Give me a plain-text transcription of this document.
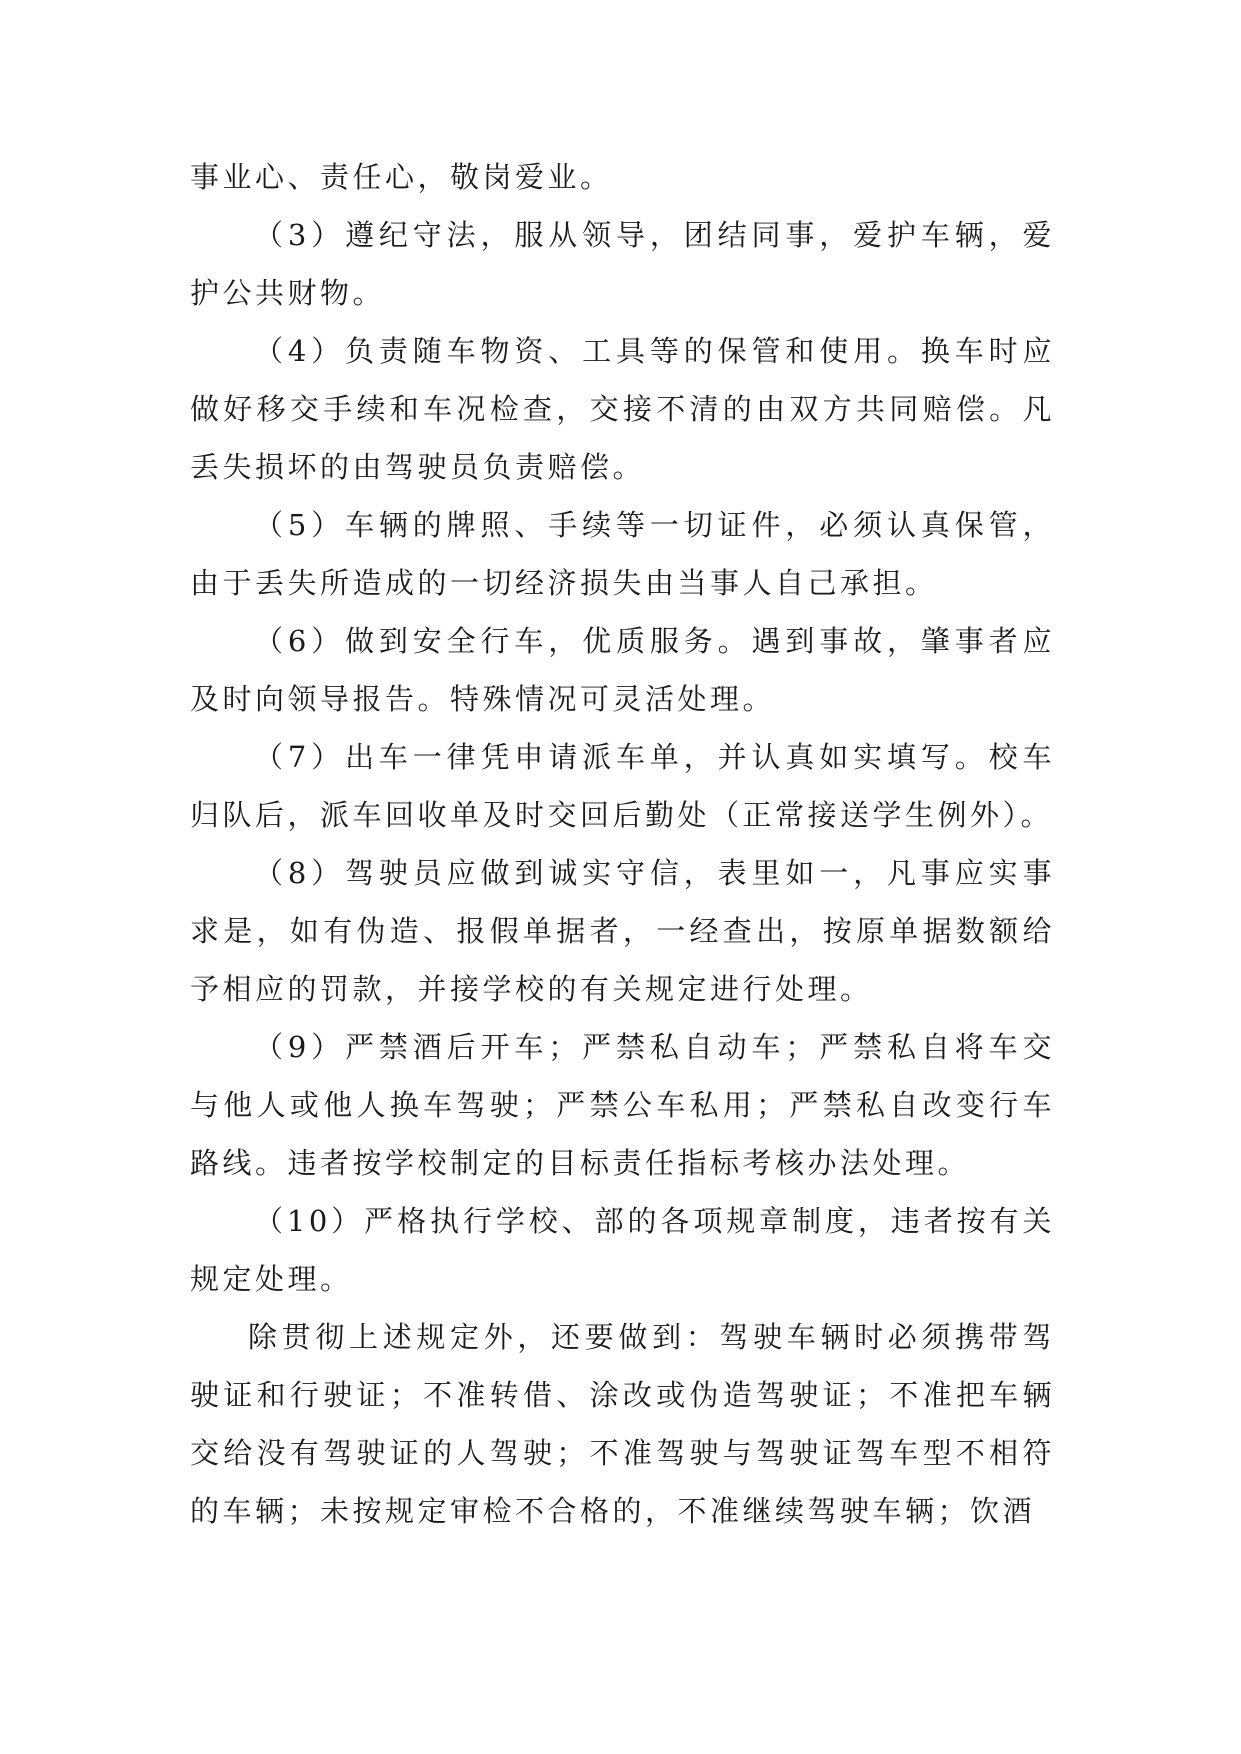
事业心、责任心，敬岗爱业。

（3）遵纪守法，服从领导，团结同事，爱护车辆，爱护公共财物。

（4）负责随车物资、工具等的保管和使用。换车时应做好移交手续和车况检查，交接不清的由双方共同赔偿。凡丢失损坏的由驾驶员负责赔偿。

（5）车辆的牌照、手续等一切证件，必须认真保管，由于丢失所造成的一切经济损失由当事人自己承担。

（6）做到安全行车，优质服务。遇到事故，肇事者应及时向领导报告。特殊情况可灵活处理。

（7）出车一律凭申请派车单，并认真如实填写。校车归队后，派车回收单及时交回后勤处（正常接送学生例外）。

（8）驾驶员应做到诚实守信，表里如一，凡事应实事求是，如有伪造、报假单据者，一经查出，按原单据数额给予相应的罚款，并接学校的有关规定进行处理。

（9）严禁酒后开车；严禁私自动车；严禁私自将车交与他人或他人换车驾驶；严禁公车私用；严禁私自改变行车路线。违者按学校制定的目标责任指标考核办法处理。

（10）严格执行学校、部的各项规章制度，违者按有关规定处理。

除贯彻上述规定外，还要做到：驾驶车辆时必须携带驾驶证和行驶证；不准转借、涂改或伪造驾驶证；不准把车辆交给没有驾驶证的人驾驶；不准驾驶与驾驶证驾车型不相符的车辆；未按规定审检不合格的，不准继续驾驶车辆；饮酒
